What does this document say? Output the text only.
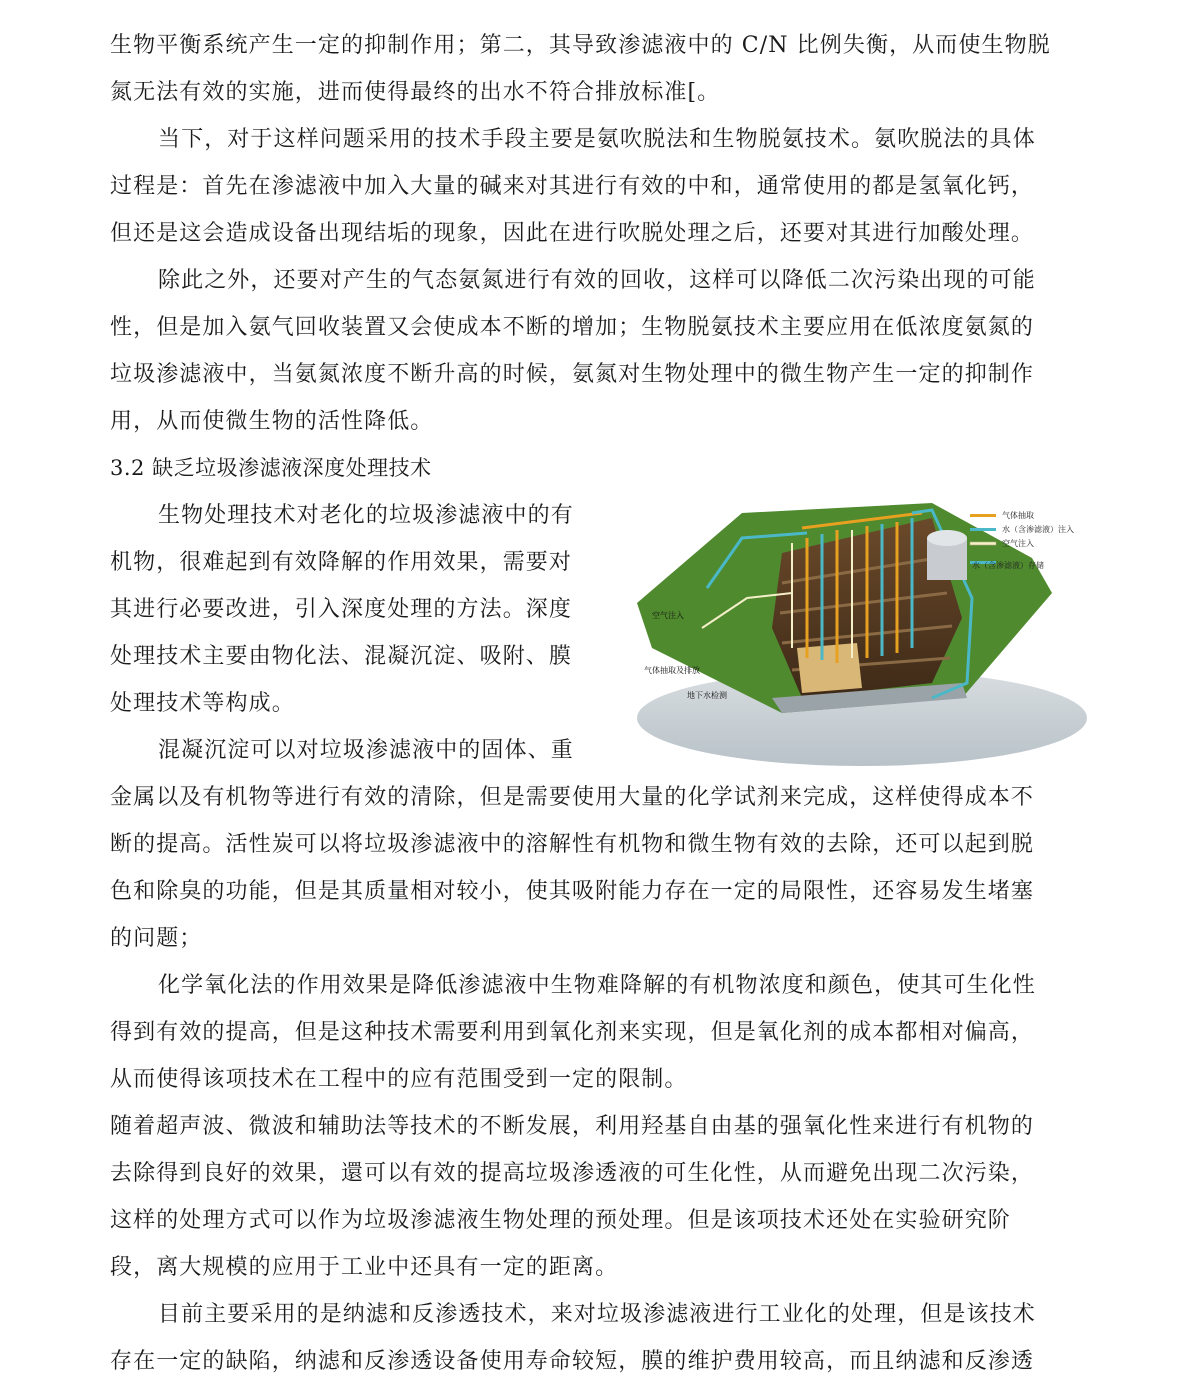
生物平衡系统产生一定的抑制作用；第二，其导致渗滤液中的 C/N 比例失衡，从而使生物脱
氮无法有效的实施，进而使得最终的出水不符合排放标准[。
当下，对于这样问题采用的技术手段主要是氨吹脱法和生物脱氨技术。氨吹脱法的具体
过程是：首先在渗滤液中加入大量的碱来对其进行有效的中和，通常使用的都是氢氧化钙，
但还是这会造成设备出现结垢的现象，因此在进行吹脱处理之后，还要对其进行加酸处理。
除此之外，还要对产生的气态氨氮进行有效的回收，这样可以降低二次污染出现的可能
性，但是加入氨气回收装置又会使成本不断的增加；生物脱氨技术主要应用在低浓度氨氮的
垃圾渗滤液中，当氨氮浓度不断升高的时候，氨氮对生物处理中的微生物产生一定的抑制作
用，从而使微生物的活性降低。
3.2 缺乏垃圾渗滤液深度处理技术
生物处理技术对老化的垃圾渗滤液中的有
机物，很难起到有效降解的作用效果，需要对
其进行必要改进，引入深度处理的方法。深度
处理技术主要由物化法、混凝沉淀、吸附、膜
处理技术等构成。
混凝沉淀可以对垃圾渗滤液中的固体、重
金属以及有机物等进行有效的清除，但是需要使用大量的化学试剂来完成，这样使得成本不
断的提高。活性炭可以将垃圾渗滤液中的溶解性有机物和微生物有效的去除，还可以起到脱
色和除臭的功能，但是其质量相对较小，使其吸附能力存在一定的局限性，还容易发生堵塞
的问题；
化学氧化法的作用效果是降低渗滤液中生物难降解的有机物浓度和颜色，使其可生化性
得到有效的提高，但是这种技术需要利用到氧化剂来实现，但是氧化剂的成本都相对偏高，
从而使得该项技术在工程中的应有范围受到一定的限制。
随着超声波、微波和辅助法等技术的不断发展，利用羟基自由基的强氧化性来进行有机物的
去除得到良好的效果，還可以有效的提高垃圾渗透液的可生化性，从而避免出现二次污染，
这样的处理方式可以作为垃圾渗滤液生物处理的预处理。但是该项技术还处在实验研究阶
段，离大规模的应用于工业中还具有一定的距离。
目前主要采用的是纳滤和反渗透技术，来对垃圾渗滤液进行工业化的处理，但是该技术
存在一定的缺陷，纳滤和反渗透设备使用寿命较短，膜的维护费用较高，而且纳滤和反渗透
气体抽取
水（含渗滤液）注入
空气注入
水（含渗滤液）存储
空气注入
气体抽取及排放
地下水检测
